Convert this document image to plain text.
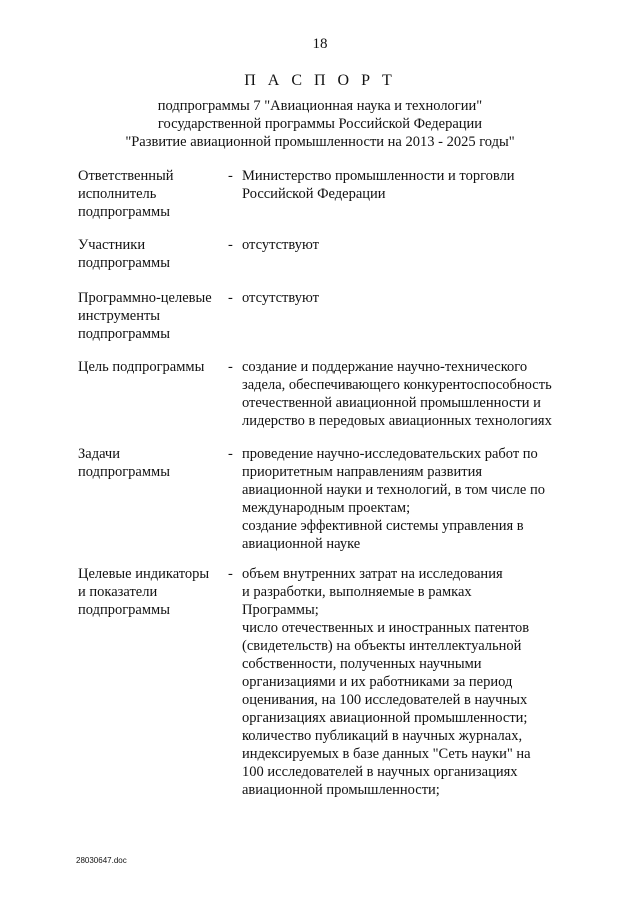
18
П А С П О Р Т
подпрограммы 7 "Авиационная наука и технологии"
государственной программы Российской Федерации
"Развитие авиационной промышленности на 2013 - 2025 годы"
Ответственный
исполнитель
подпрограммы
- Министерство промышленности и торговли
Российской Федерации
Участники
подпрограммы
- отсутствуют
Программно-целевые
инструменты
подпрограммы
- отсутствуют
Цель подпрограммы	- создание и поддержание научно-технического
задела, обеспечивающего конкурентоспособность
отечественной авиационной промышленности и
лидерство в передовых авиационных технологиях
Задачи
подпрограммы
- проведение научно-исследовательских работ по
приоритетным направлениям развития
авиационной науки и технологий, в том числе по
международным проектам;
создание эффективной системы управления в
авиационной науке
Целевые индикаторы
и показатели
подпрограммы
- объем внутренних затрат на исследования
и разработки, выполняемые в рамках
Программы;
число отечественных и иностранных патентов
(свидетельств) на объекты интеллектуальной
собственности, полученных научными
организациями и их работниками за период
оценивания, на 100 исследователей в научных
организациях авиационной промышленности;
количество публикаций в научных журналах,
индексируемых в базе данных "Сеть науки" на
100 исследователей в научных организациях
авиационной промышленности;
28030647.doc
